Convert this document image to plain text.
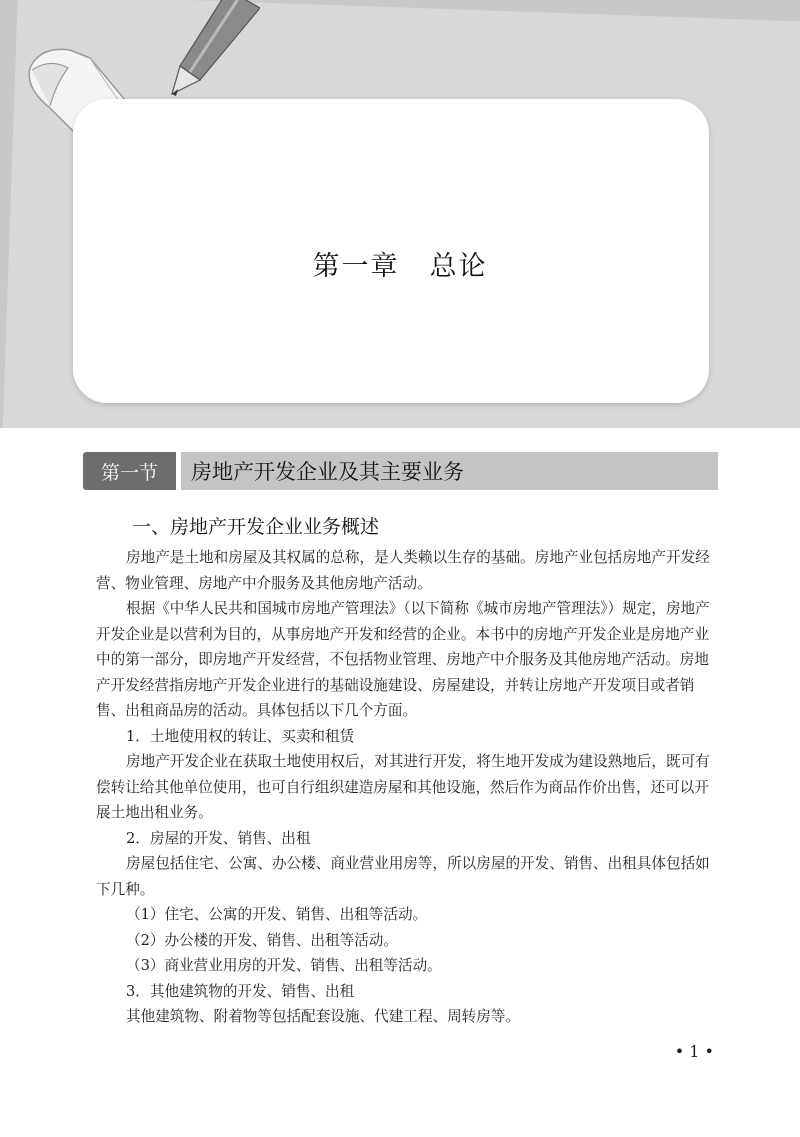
第一章 总论
第一节	房地产开发企业及其主要业务
一、房地产开发企业业务概述

房地产是土地和房屋及其权属的总称，是人类赖以生存的基础。房地产业包括房地产开发经营、物业管理、房地产中介服务及其他房地产活动。

根据《中华人民共和国城市房地产管理法》（以下简称《城市房地产管理法》）规定，房地产开发企业是以营利为目的，从事房地产开发和经营的企业。本书中的房地产开发企业是房地产业中的第一部分，即房地产开发经营，不包括物业管理、房地产中介服务及其他房地产活动。房地产开发经营指房地产开发企业进行的基础设施建设、房屋建设，并转让房地产开发项目或者销售、出租商品房的活动。具体包括以下几个方面。

1．土地使用权的转让、买卖和租赁

房地产开发企业在获取土地使用权后，对其进行开发，将生地开发成为建设熟地后，既可有偿转让给其他单位使用，也可自行组织建造房屋和其他设施，然后作为商品作价出售，还可以开展土地出租业务。

2．房屋的开发、销售、出租

房屋包括住宅、公寓、办公楼、商业营业用房等，所以房屋的开发、销售、出租具体包括如下几种。

（1）住宅、公寓的开发、销售、出租等活动。

（2）办公楼的开发、销售、出租等活动。

（3）商业营业用房的开发、销售、出租等活动。

3．其他建筑物的开发、销售、出租

其他建筑物、附着物等包括配套设施、代建工程、周转房等。

• 1 •
